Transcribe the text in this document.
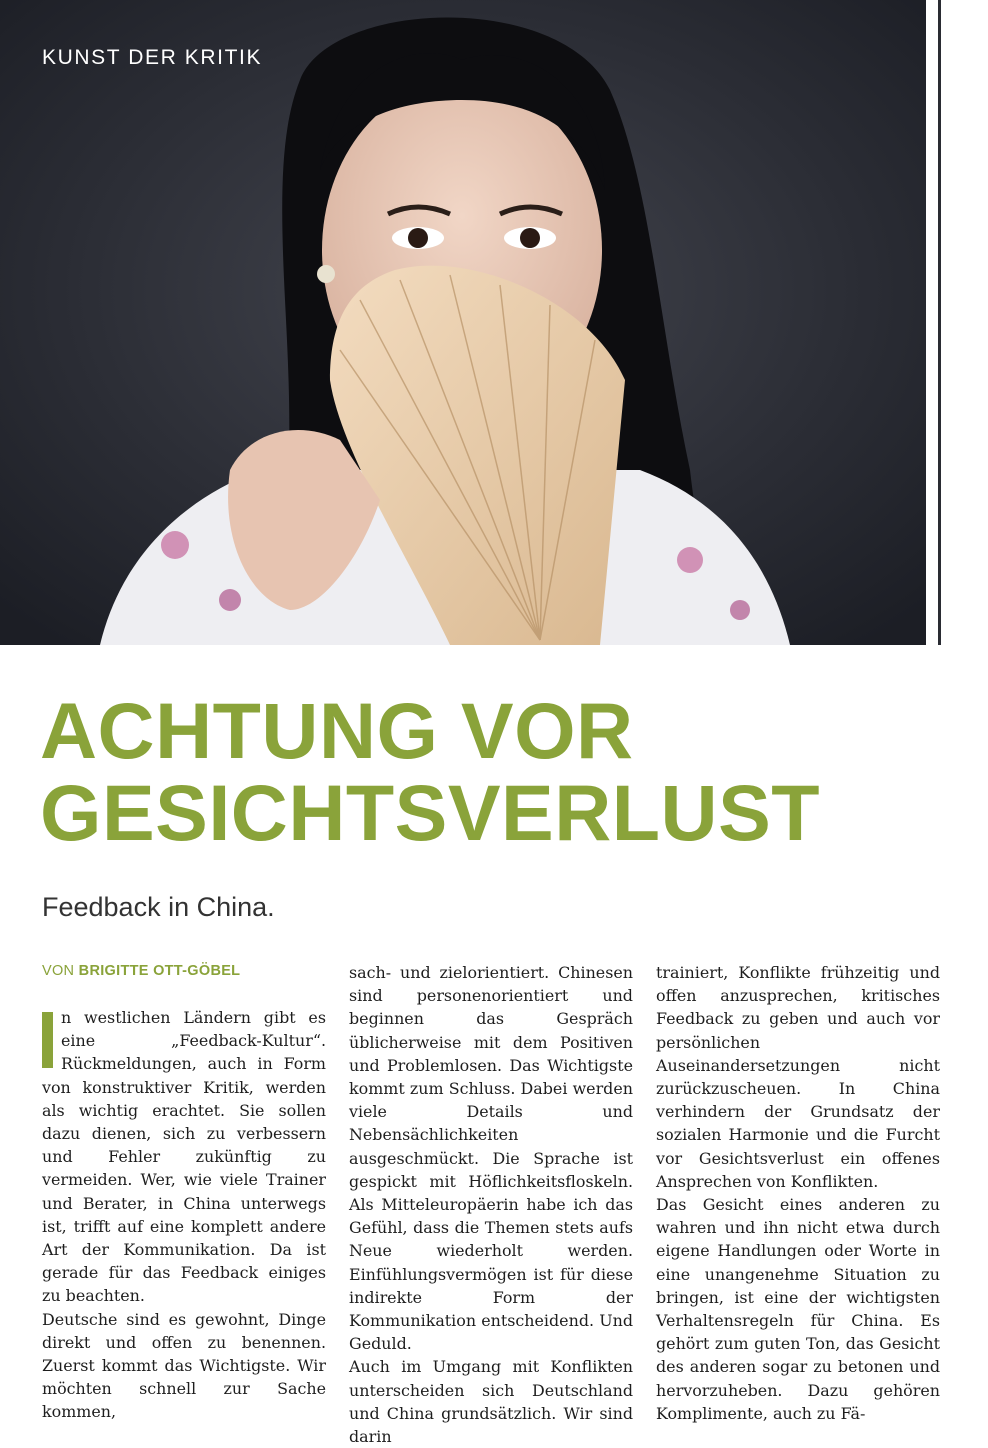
KUNST DER KRITIK
ACHTUNG VOR
GESICHTSVERLUST
Feedback in China.
VON BRIGITTE OTT-GÖBEL

n westlichen Ländern gibt es eine „Feedback-Kultur“. Rückmeldungen, auch in Form von konstruktiver Kritik, werden als wichtig erachtet. Sie sollen dazu dienen, sich zu verbessern und Fehler zukünftig zu vermeiden. Wer, wie viele Trainer und Berater, in China unterwegs ist, trifft auf eine komplett andere Art der Kommunikation. Da ist gerade für das Feedback einiges zu beachten.

Deutsche sind es gewohnt, Dinge direkt und offen zu benennen. Zuerst kommt das Wichtigste. Wir möchten schnell zur Sache kommen,

sach- und zielorientiert. Chinesen sind personenorientiert und beginnen das Gespräch üblicherweise mit dem Positiven und Problemlosen. Das Wichtigste kommt zum Schluss. Dabei werden viele Details und Nebensächlichkeiten ausgeschmückt. Die Sprache ist gespickt mit Höflichkeitsfloskeln. Als Mitteleuropäerin habe ich das Gefühl, dass die Themen stets aufs Neue wiederholt werden. Einfühlungsvermögen ist für diese indirekte Form der Kommunikation entscheidend. Und Geduld.

Auch im Umgang mit Konflikten unterscheiden sich Deutschland und China grundsätzlich. Wir sind darin

trainiert, Konflikte frühzeitig und offen anzusprechen, kritisches Feedback zu geben und auch vor persönlichen Auseinandersetzungen nicht zurückzuscheuen. In China verhindern der Grundsatz der sozialen Harmonie und die Furcht vor Gesichtsverlust ein offenes Ansprechen von Konflikten.

Das Gesicht eines anderen zu wahren und ihn nicht etwa durch eigene Handlungen oder Worte in eine unangenehme Situation zu bringen, ist eine der wichtigsten Verhaltensregeln für China. Es gehört zum guten Ton, das Gesicht des anderen sogar zu betonen und hervorzuheben. Dazu gehören Komplimente, auch zu Fä-
